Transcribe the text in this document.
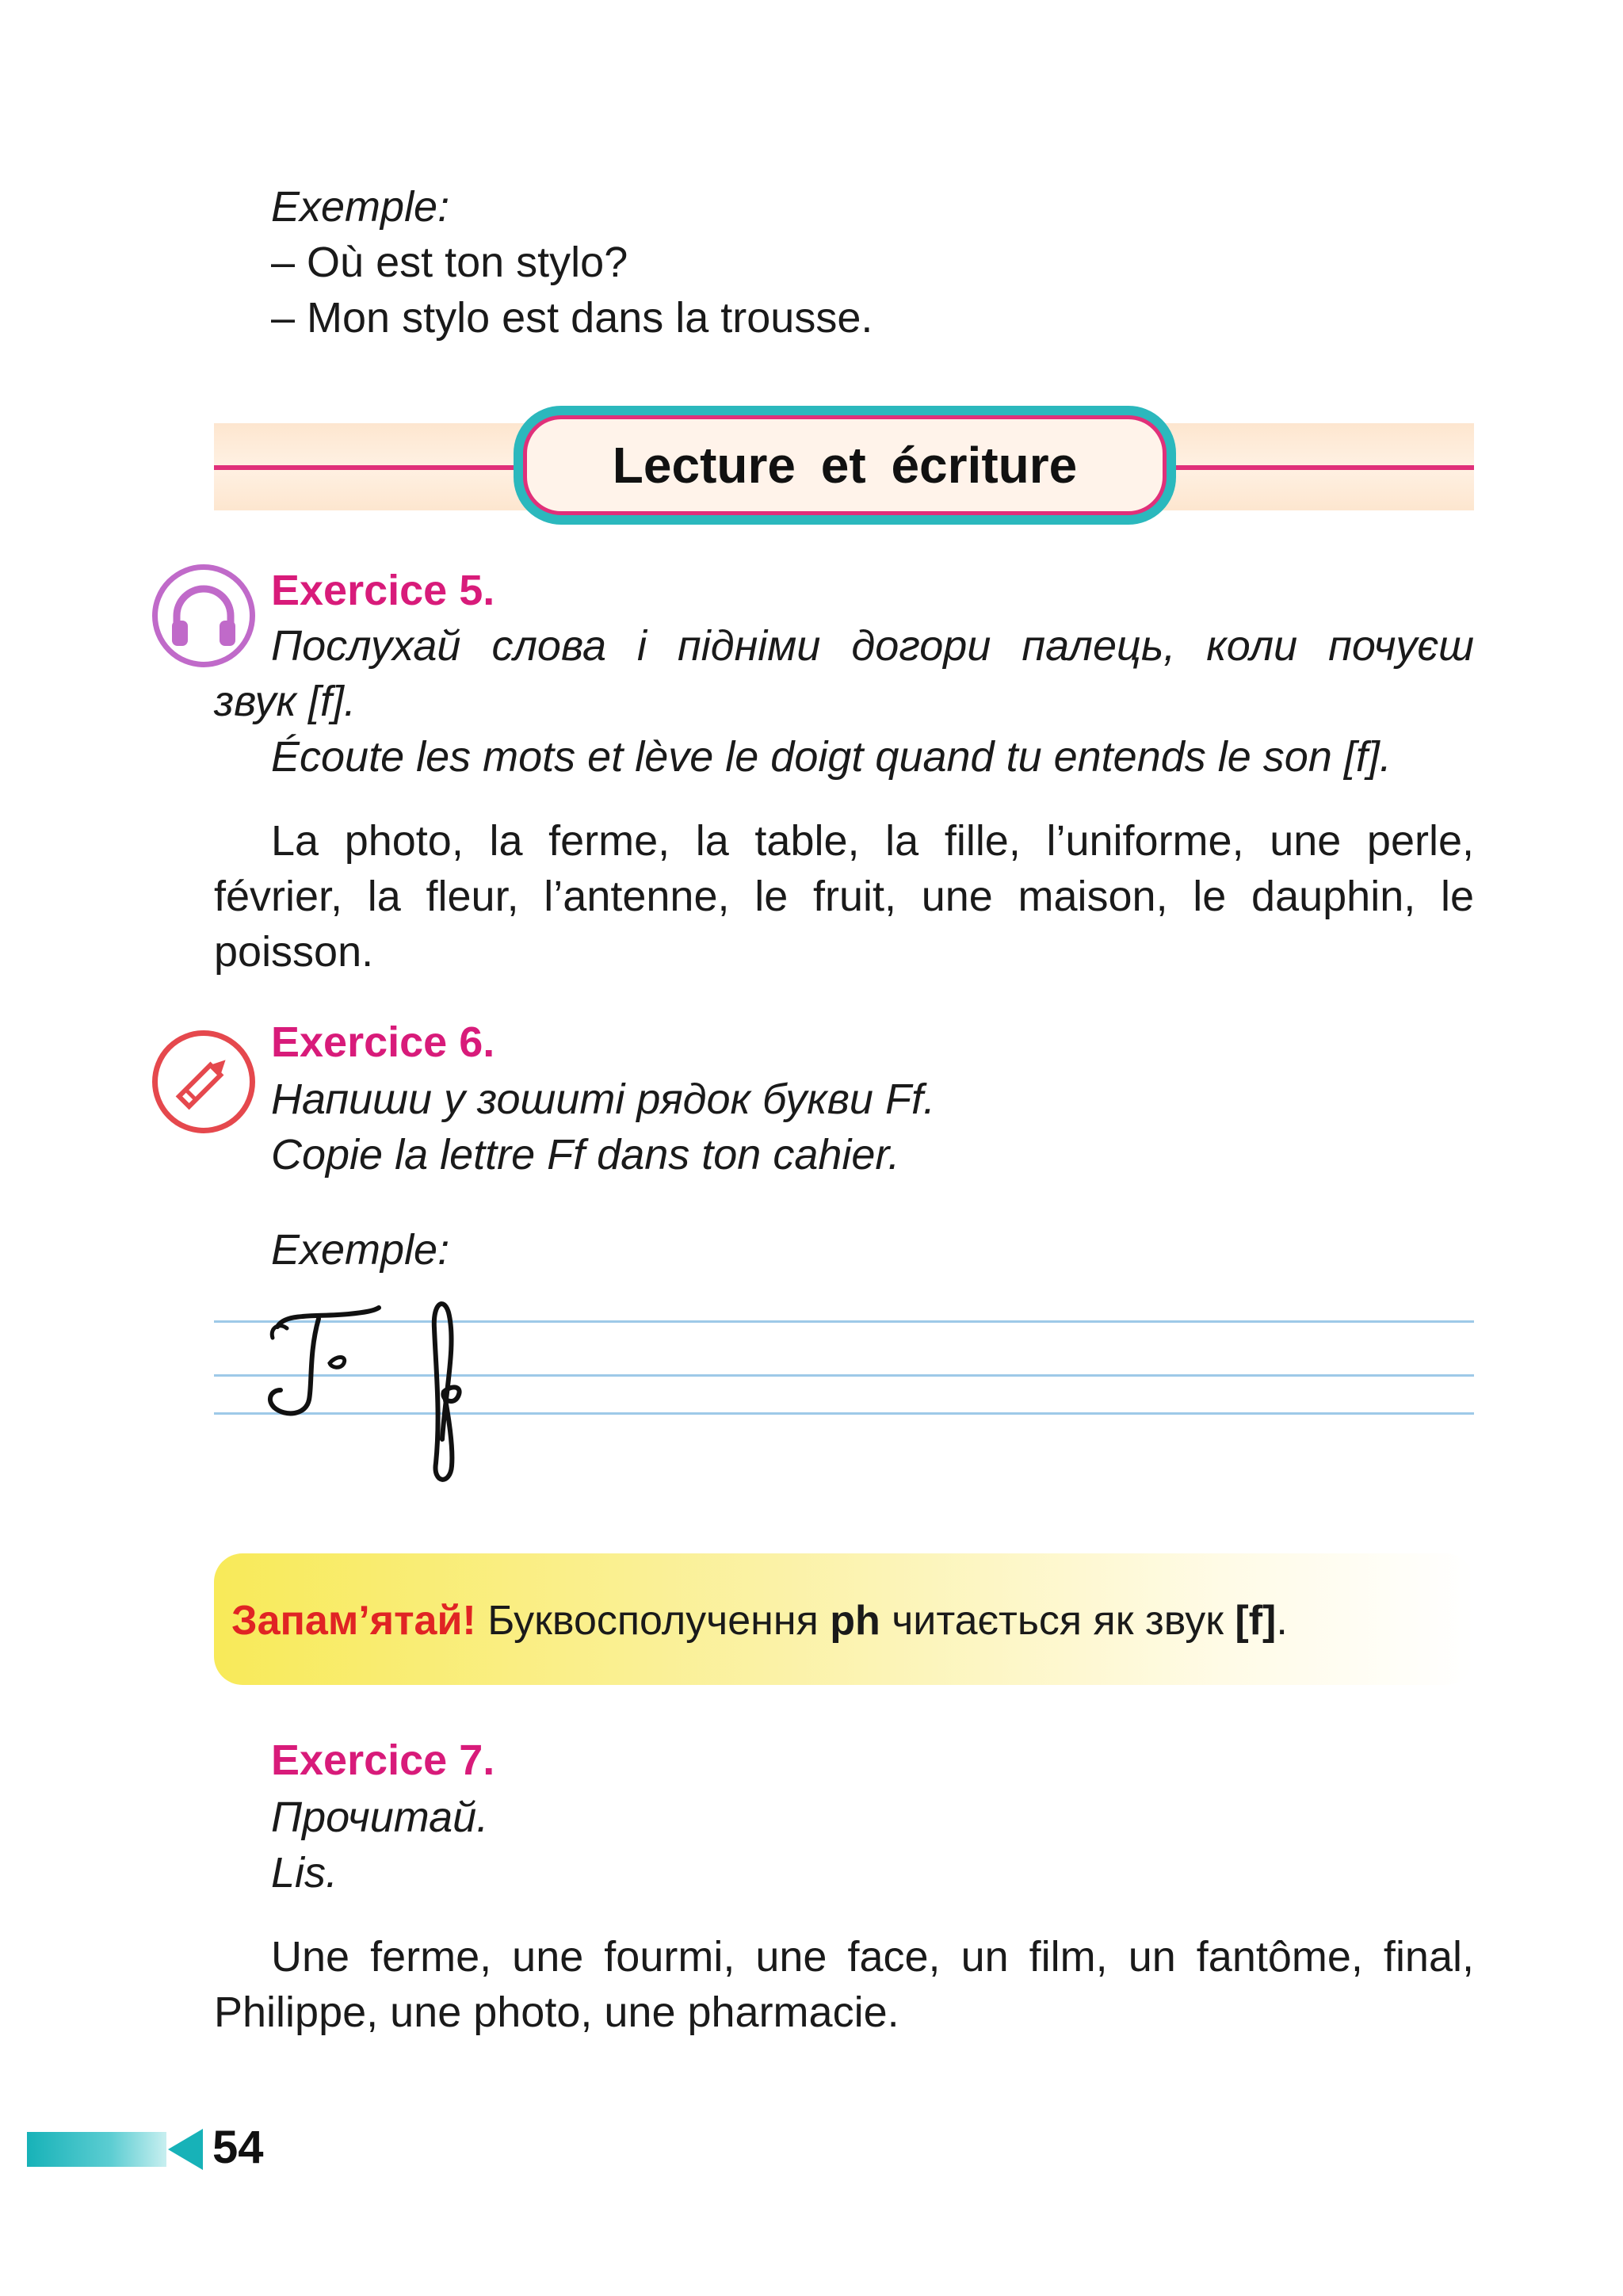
Exemple:
– Où est ton stylo?
– Mon stylo est dans la trousse.
Lecture et écriture
Exercice 5.
Послухай слова і підніми догори палець, коли почуєш
звук [f].
Écoute les mots et lève le doigt quand tu entends le son [f].
La photo, la ferme, la table, la fille, l’uniforme, une perle, février, la fleur, l’antenne, le fruit, une maison, le dauphin, le poisson.
Exercice 6.
Напиши у зошиті рядок букви Ff.
Copie la lettre Ff dans ton cahier.
Exemple:
Запам’ятай! Буквосполучення ph читається як звук [f].
Exercice 7.
Прочитай.
Lis.
Une ferme, une fourmi, une face, un film, un fantôme, final, Philippe, une photo, une pharmacie.
54
